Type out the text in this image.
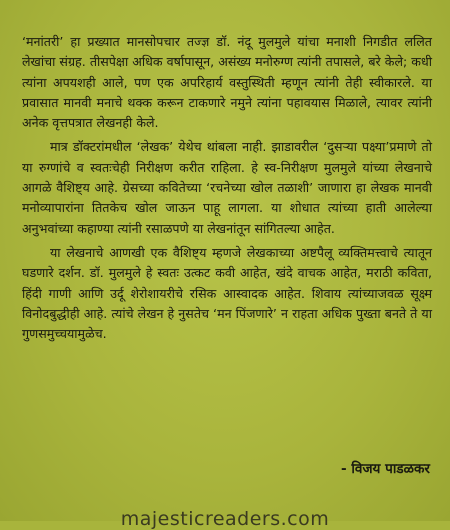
‘मनांतरी’ हा प्रख्यात मानसोपचार तज्ज्ञ डॉ. नंदू मुलमुले यांचा मनाशी निगडीत ललित लेखांचा संग्रह. तीसपेक्षा अधिक वर्षापासून, असंख्य मनोरुग्ण त्यांनी तपासले, बरे केले; कधी त्यांना अपयशही आले, पण एक अपरिहार्य वस्तुस्थिती म्हणून त्यांनी तेही स्वीकारले. या प्रवासात मानवी मनाचे थक्क करून टाकणारे नमुने त्यांना पहावयास मिळाले, त्यावर त्यांनी अनेक वृत्तपत्रात लेखनही केले.

मात्र डॉक्टरांमधील ‘लेखक’ येथेच थांबला नाही. झाडावरील ‘दुसऱ्या पक्ष्या’प्रमाणे तो या रुग्णांचे व स्वतःचेही निरीक्षण करीत राहिला. हे स्व-निरीक्षण मुलमुले यांच्या लेखनाचे आगळे वैशिष्ट्य आहे. ग्रेसच्या कवितेच्या ‘रचनेच्या खोल तळाशी’ जाणारा हा लेखक मानवी मनोव्यापारांना तितकेच खोल जाऊन पाहू लागला. या शोधात त्यांच्या हाती आलेल्या अनुभवांच्या कहाण्या त्यांनी रसाळपणे या लेखनांतून सांगितल्या आहेत.

या लेखनाचे आणखी एक वैशिष्ट्य म्हणजे लेखकाच्या अष्टपैलू व्यक्तिमत्त्वाचे त्यातून घडणारे दर्शन. डॉ. मुलमुले हे स्वतः उत्कट कवी आहेत, खंदे वाचक आहेत, मराठी कविता, हिंदी गाणी आणि उर्दू शेरोशायरीचे रसिक आस्वादक आहेत. शिवाय त्यांच्याजवळ सूक्ष्म विनोदबुद्धीही आहे. त्यांचे लेखन हे नुसतेच ‘मन पिंजणारे’ न राहता अधिक पुख्ता बनते ते या गुणसमुच्चयामुळेच.

- विजय पाडळकर
majesticreaders.com
